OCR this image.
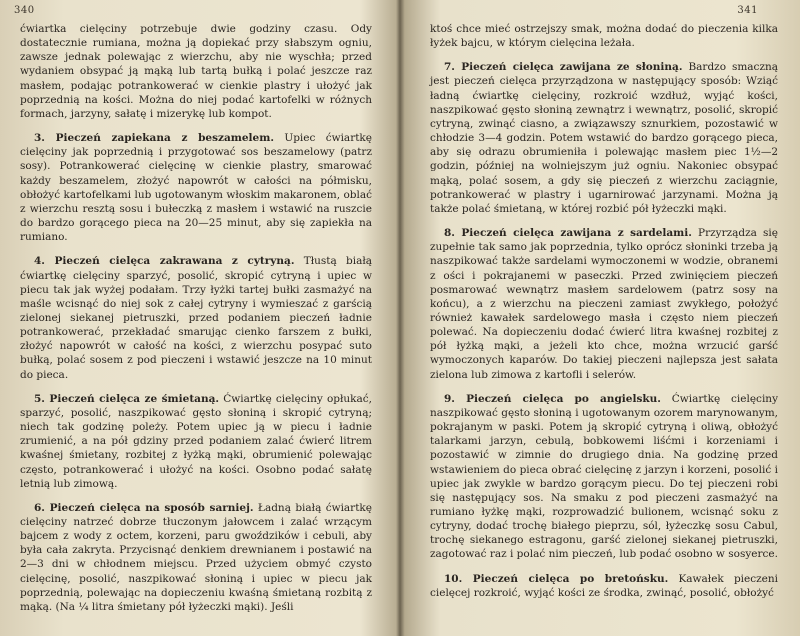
340

ćwiartka cielęciny potrzebuje dwie godziny czasu. Ody dostatecznie rumiana, można ją dopiekać przy słabszym ogniu, zawsze jednak polewając z wierzchu, aby nie wyschła; przed wydaniem obsypać ją mąką lub tartą bułką i polać jeszcze raz masłem, podając potrankowerać w cienkie plastry i ułożyć jak poprzednią na kości. Można do niej podać kartofelki w różnych formach, jarzyny, sałatę i mizerykę lub kompot.

3. Pieczeń zapiekana z beszamelem. Upiec ćwiartkę cielęciny jak poprzednią i przygotować sos beszamelowy (patrz sosy). Potrankowerać cielęcinę w cienkie plastry, smarować każdy beszamelem, złożyć napowrót w całości na półmisku, obłożyć kartofelkami lub ugotowanym włoskim makaronem, oblać z wierzchu resztą sosu i bułeczką z masłem i wstawić na ruszcie do bardzo gorącego pieca na 20—25 minut, aby się zapiekła na rumiano.

4. Pieczeń cielęca zakrawana z cytryną. Tłustą białą ćwiartkę cielęciny sparzyć, posolić, skropić cytryną i upiec w piecu tak jak wyżej podałam. Trzy łyżki tartej bułki zasmażyć na maśle wcisnąć do niej sok z całej cytryny i wymieszać z garścią zielonej siekanej pietruszki, przed podaniem pieczeń ładnie potrankowerać, przekładać smarując cienko farszem z bułki, złożyć napowrót w całość na kości, z wierzchu posypać suto bułką, polać sosem z pod pieczeni i wstawić jeszcze na 10 minut do pieca.

5. Pieczeń cielęca ze śmietaną. Ćwiartkę cielęciny opłukać, sparzyć, posolić, naszpikować gęsto słoniną i skropić cytryną; niech tak godzinę poleży. Potem upiec ją w piecu i ładnie zrumienić, a na pół gdziny przed podaniem zalać ćwierć litrem kwaśnej śmietany, rozbitej z łyżką mąki, obrumienić polewając często, potrankowerać i ułożyć na kości. Osobno podać sałatę letnią lub zimową.

6. Pieczeń cielęca na sposób sarniej. Ładną białą ćwiartkę cielęciny natrzeć dobrze tłuczonym jałowcem i zalać wrzącym bajcem z wody z octem, korzeni, paru gwoździków i cebuli, aby była cała zakryta. Przycisnąć denkiem drewnianem i postawić na 2—3 dni w chłodnem miejscu. Przed użyciem obmyć czysto cielęcinę, posolić, naszpikować słoniną i upiec w piecu jak poprzednią, polewając na dopieczeniu kwaśną śmietaną rozbitą z mąką. (Na ¼ litra śmietany pół łyżeczki mąki). Jeśli

341

ktoś chce mieć ostrzejszy smak, można dodać do pieczenia kilka łyżek bajcu, w którym cielęcina leżała.

7. Pieczeń cielęca zawijana ze słoniną. Bardzo smaczną jest pieczeń cielęca przyrządzona w następujący sposób: Wziąć ładną ćwiartkę cielęciny, rozkroić wzdłuż, wyjąć kości, naszpikować gęsto słoniną zewnątrz i wewnątrz, posolić, skropić cytryną, zwinąć ciasno, a związawszy sznurkiem, pozostawić w chłodzie 3—4 godzin. Potem wstawić do bardzo gorącego pieca, aby się odrazu obrumieniła i polewając masłem piec 1½—2 godzin, później na wolniejszym już ogniu. Nakoniec obsypać mąką, polać sosem, a gdy się pieczeń z wierzchu zaciągnie, potrankowerać w plastry i ugarnirować jarzynami. Można ją także polać śmietaną, w której rozbić pół łyżeczki mąki.

8. Pieczeń cielęca zawijana z sardelami. Przyrządza się zupełnie tak samo jak poprzednia, tylko oprócz słoninki trzeba ją naszpikować także sardelami wymoczonemi w wodzie, obranemi z ości i pokrajanemi w paseczki. Przed zwinięciem pieczeń posmarować wewnątrz masłem sardelowem (patrz sosy na końcu), a z wierzchu na pieczeni zamiast zwykłego, położyć również kawałek sardelowego masła i często niem pieczeń polewać. Na dopieczeniu dodać ćwierć litra kwaśnej rozbitej z pół łyżką mąki, a jeżeli kto chce, można wrzucić garść wymoczonych kaparów. Do takiej pieczeni najlepsza jest sałata zielona lub zimowa z kartofli i selerów.

9. Pieczeń cielęca po angielsku. Ćwiartkę cielęciny naszpikować gęsto słoniną i ugotowanym ozorem marynowanym, pokrajanym w paski. Potem ją skropić cytryną i oliwą, obłożyć talarkami jarzyn, cebulą, bobkowemi liśćmi i korzeniami i pozostawić w zimnie do drugiego dnia. Na godzinę przed wstawieniem do pieca obrać cielęcinę z jarzyn i korzeni, posolić i upiec jak zwykle w bardzo gorącym piecu. Do tej pieczeni robi się następujący sos. Na smaku z pod pieczeni zasmażyć na rumiano łyżkę mąki, rozprowadzić bulionem, wcisnąć soku z cytryny, dodać trochę białego pieprzu, sól, łyżeczkę sosu Cabul, trochę siekanego estragonu, garść zielonej siekanej pietruszki, zagotować raz i polać nim pieczeń, lub podać osobno w sosyerce.

10. Pieczeń cielęca po bretońsku. Kawałek pieczeni cielęcej rozkroić, wyjąć kości ze środka, zwinąć, posolić, obłożyć
